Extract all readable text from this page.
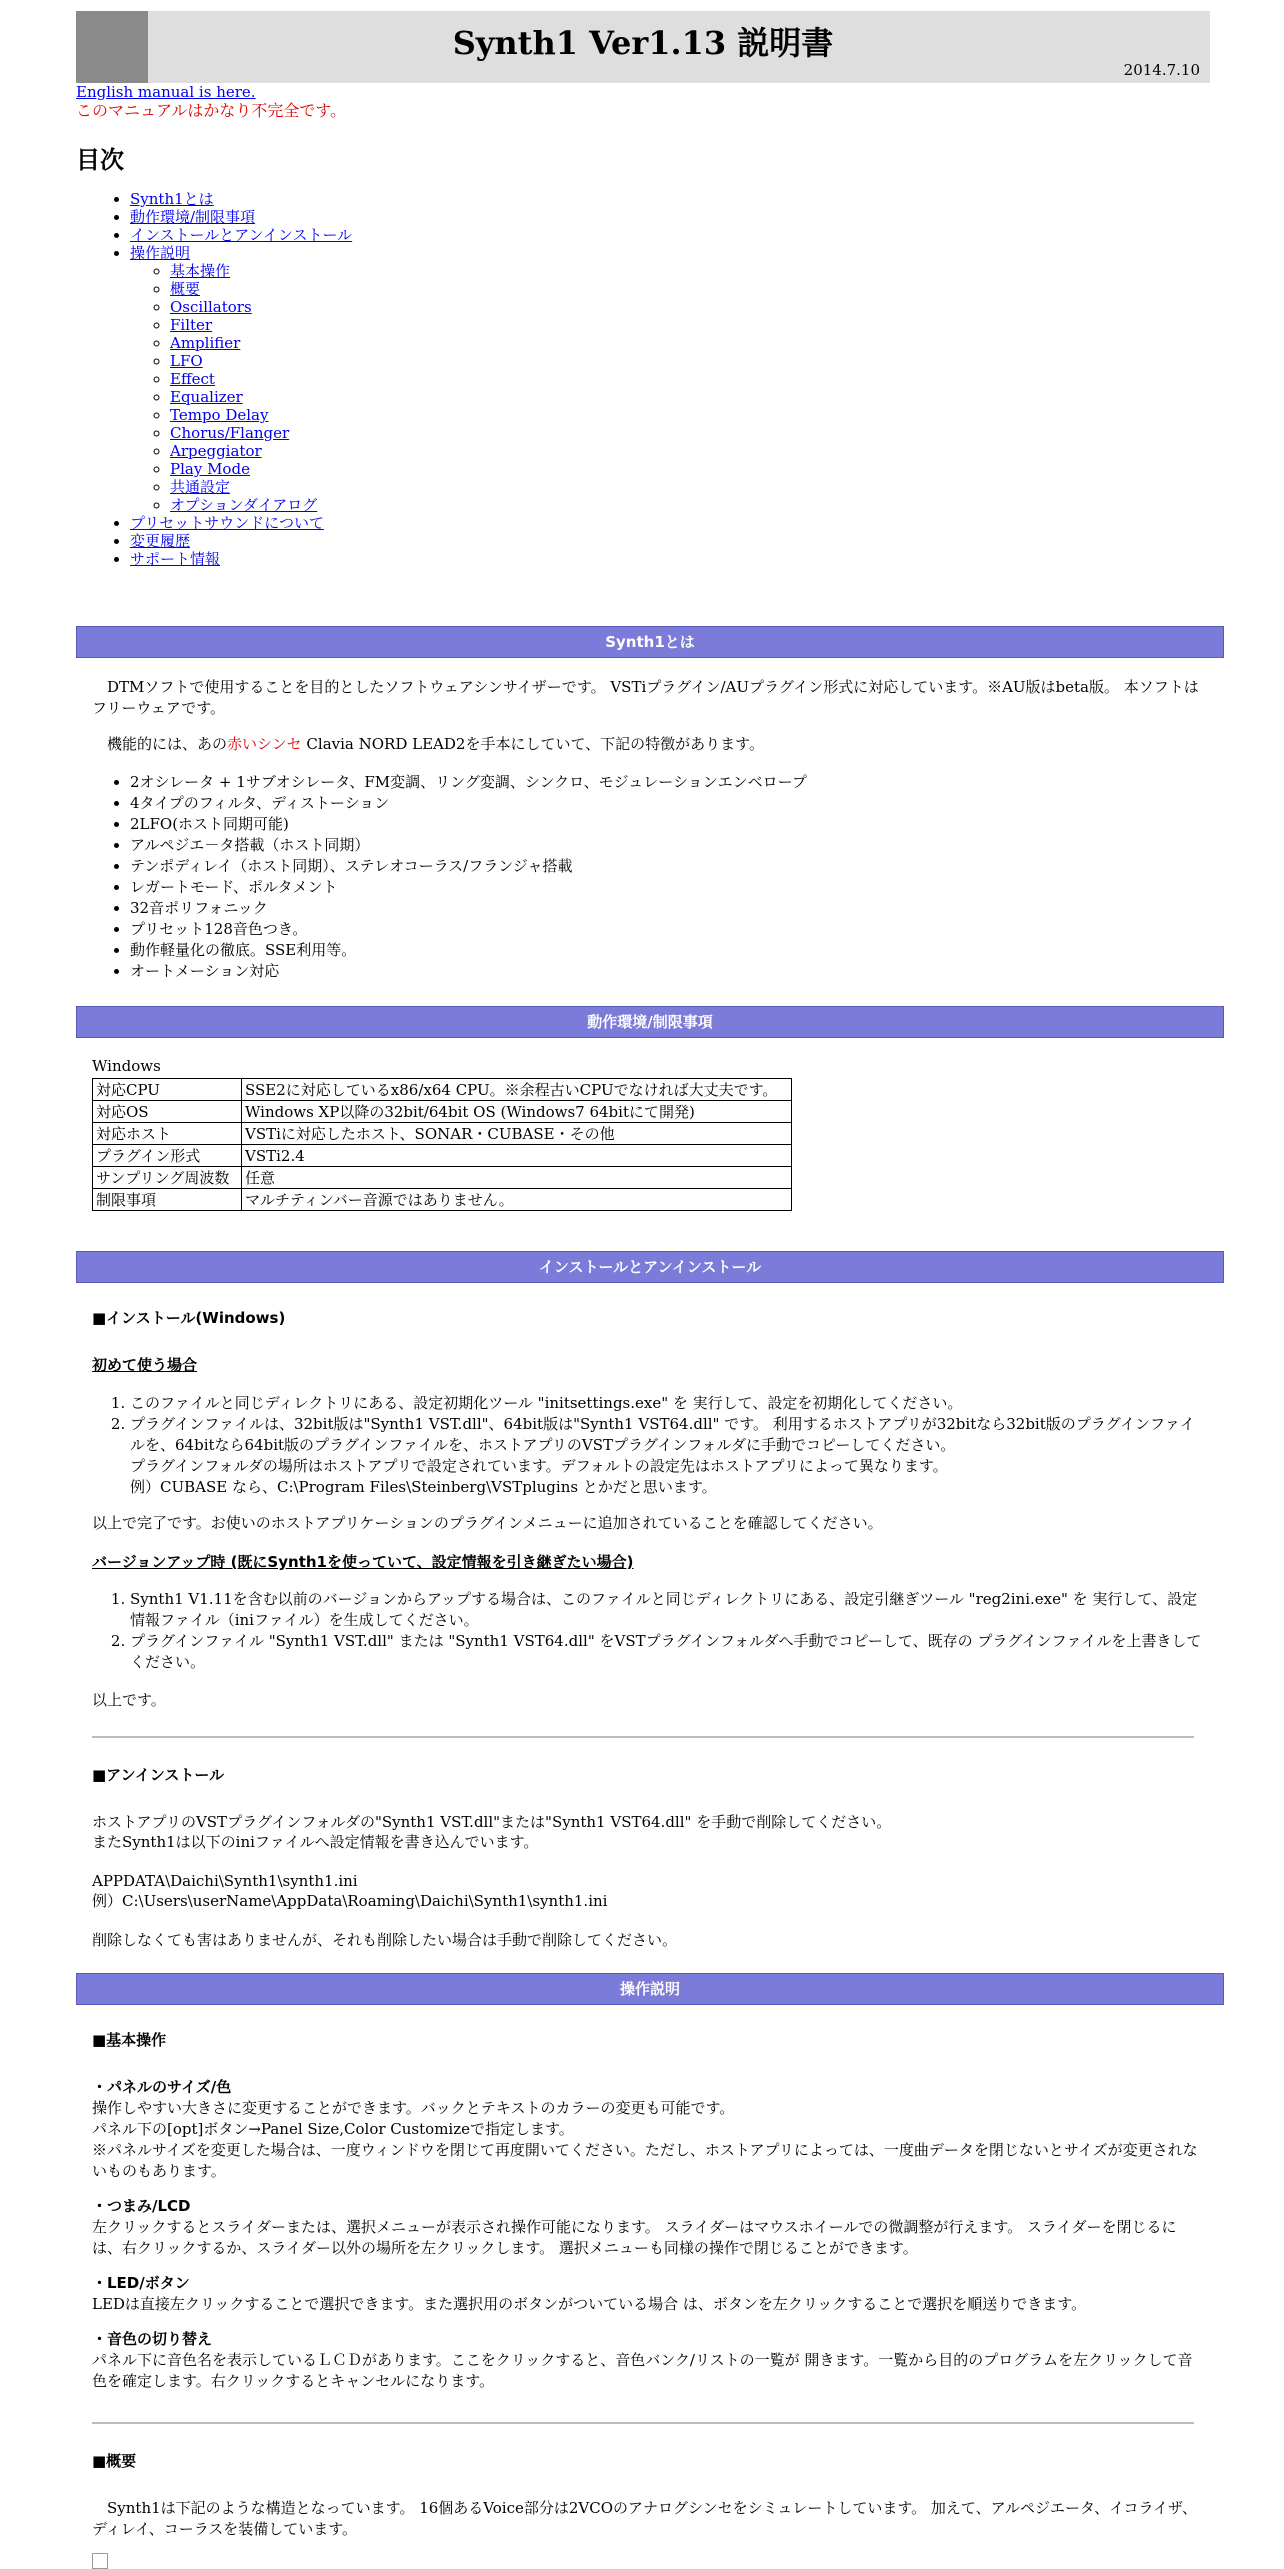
Synth1 Ver1.13 説明書
2014.7.10
English manual is here.
このマニュアルはかなり不完全です。
目次
• Synth1とは
• 動作環境/制限事項
• インストールとアンインストール
• 操作説明
◦ 基本操作
◦ 概要
◦ Oscillators
◦ Filter
◦ Amplifier
◦ LFO
◦ Effect
◦ Equalizer
◦ Tempo Delay
◦ Chorus/Flanger
◦ Arpeggiator
◦ Play Mode
◦ 共通設定
◦ オプションダイアログ
• プリセットサウンドについて
• 変更履歴
• サポート情報
Synth1とは

DTMソフトで使用することを目的としたソフトウェアシンサイザーです。 VSTiプラグイン/AUプラグイン形式に対応しています。※AU版はbeta版。 本ソフトはフリーウェアです。

機能的には、あの赤いシンセ Clavia NORD LEAD2を手本にしていて、下記の特徴があります。

• 2オシレータ + 1サブオシレータ、FM変調、リング変調、シンクロ、モジュレーションエンベロープ
• 4タイプのフィルタ、ディストーション
• 2LFO(ホスト同期可能)
• アルペジエ－タ搭載（ホスト同期）
• テンポディレイ（ホスト同期）、ステレオコーラス/フランジャ搭載
• レガートモード、ポルタメント
• 32音ポリフォニック
• プリセット128音色つき。
• 動作軽量化の徹底。SSE利用等。
• オートメーション対応
動作環境/制限事項
Windows
対応CPU	SSE2に対応しているx86/x64 CPU。※余程古いCPUでなければ大丈夫です。
対応OS	Windows XP以降の32bit/64bit OS (Windows7 64bitにて開発)
対応ホスト	VSTiに対応したホスト、SONAR・CUBASE・その他
プラグイン形式	VSTi2.4
サンプリング周波数	任意
制限事項	マルチティンバー音源ではありません。
インストールとアンインストール
■インストール(Windows)
初めて使う場合
1. このファイルと同じディレクトリにある、設定初期化ツール "initsettings.exe" を 実行して、設定を初期化してください。
2. プラグインファイルは、32bit版は"Synth1 VST.dll"、64bit版は"Synth1 VST64.dll" です。 利用するホストアプリが32bitなら32bit版のプラグインファイルを、64bitなら64bit版のプラグインファイルを、ホストアプリのVSTプラグインフォルダに手動でコピーしてください。
プラグインフォルダの場所はホストアプリで設定されています。デフォルトの設定先はホストアプリによって異なります。
例）CUBASE なら、C:\Program Files\Steinberg\VSTplugins とかだと思います。
以上で完了です。お使いのホストアプリケーションのプラグインメニューに追加されていることを確認してください。
バージョンアップ時 (既にSynth1を使っていて、設定情報を引き継ぎたい場合)
1. Synth1 V1.11を含む以前のバージョンからアップする場合は、このファイルと同じディレクトリにある、設定引継ぎツール "reg2ini.exe" を 実行して、設定情報ファイル（iniファイル）を生成してください。
2. プラグインファイル "Synth1 VST.dll" または "Synth1 VST64.dll" をVSTプラグインフォルダへ手動でコピーして、既存の プラグインファイルを上書きしてください。
以上です。
■アンインストール
ホストアプリのVSTプラグインフォルダの"Synth1 VST.dll"または"Synth1 VST64.dll" を手動で削除してください。
またSynth1は以下のiniファイルへ設定情報を書き込んでいます。
APPDATA\Daichi\Synth1\synth1.ini
例）C:\Users\userName\AppData\Roaming\Daichi\Synth1\synth1.ini
削除しなくても害はありませんが、それも削除したい場合は手動で削除してください。
操作説明
■基本操作
・パネルのサイズ/色
操作しやすい大きさに変更することができます。バックとテキストのカラーの変更も可能です。
パネル下の[opt]ボタン→Panel Size,Color Customizeで指定します。
※パネルサイズを変更した場合は、一度ウィンドウを閉じて再度開いてください。ただし、ホストアプリによっては、一度曲データを閉じないとサイズが変更されないものもあります。
・つまみ/LCD
左クリックするとスライダーまたは、選択メニューが表示され操作可能になります。 スライダーはマウスホイールでの微調整が行えます。 スライダーを閉じるには、右クリックするか、スライダー以外の場所を左クリックします。 選択メニューも同様の操作で閉じることができます。
・LED/ボタン
LEDは直接左クリックすることで選択できます。また選択用のボタンがついている場合 は、ボタンを左クリックすることで選択を順送りできます。
・音色の切り替え
パネル下に音色名を表示しているＬＣＤがあります。ここをクリックすると、音色バンク/リストの一覧が 開きます。一覧から目的のプログラムを左クリックして音色を確定します。右クリックするとキャンセルになります。
■概要
Synth1は下記のような構造となっています。 16個あるVoice部分は2VCOのアナログシンセをシミュレートしています。 加えて、アルペジエータ、イコライザ、ディレイ、コーラスを装備しています。
